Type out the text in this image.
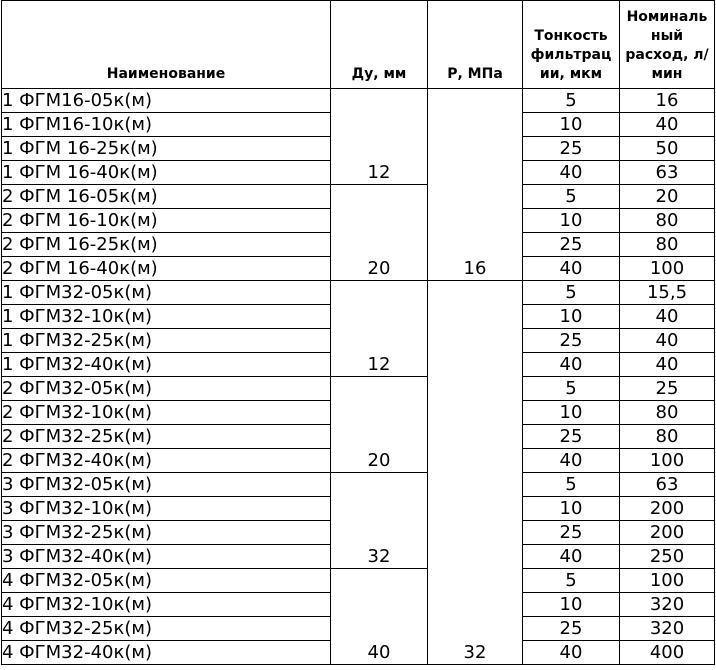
Наименование	Ду, мм	Р, МПа	Тонкость фильтрац ии, мкм	Номиналь ный расход, л/мин
1 ФГМ16-05к(м)	12	16	5	16
1 ФГМ16-10к(м)			10	40
1 ФГМ 16-25к(м)			25	50
1 ФГМ 16-40к(м)			40	63
2 ФГМ 16-05к(м)	20		5	20
2 ФГМ 16-10к(м)			10	80
2 ФГМ 16-25к(м)			25	80
2 ФГМ 16-40к(м)			40	100
1 ФГМ32-05к(м)	12	32	5	15,5
1 ФГМ32-10к(м)			10	40
1 ФГМ32-25к(м)			25	40
1 ФГМ32-40к(м)			40	40
2 ФГМ32-05к(м)	20		5	25
2 ФГМ32-10к(м)			10	80
2 ФГМ32-25к(м)			25	80
2 ФГМ32-40к(м)			40	100
3 ФГМ32-05к(м)	32		5	63
3 ФГМ32-10к(м)			10	200
3 ФГМ32-25к(м)			25	200
3 ФГМ32-40к(м)			40	250
4 ФГМ32-05к(м)	40		5	100
4 ФГМ32-10к(м)			10	320
4 ФГМ32-25к(м)			25	320
4 ФГМ32-40к(м)			40	400
